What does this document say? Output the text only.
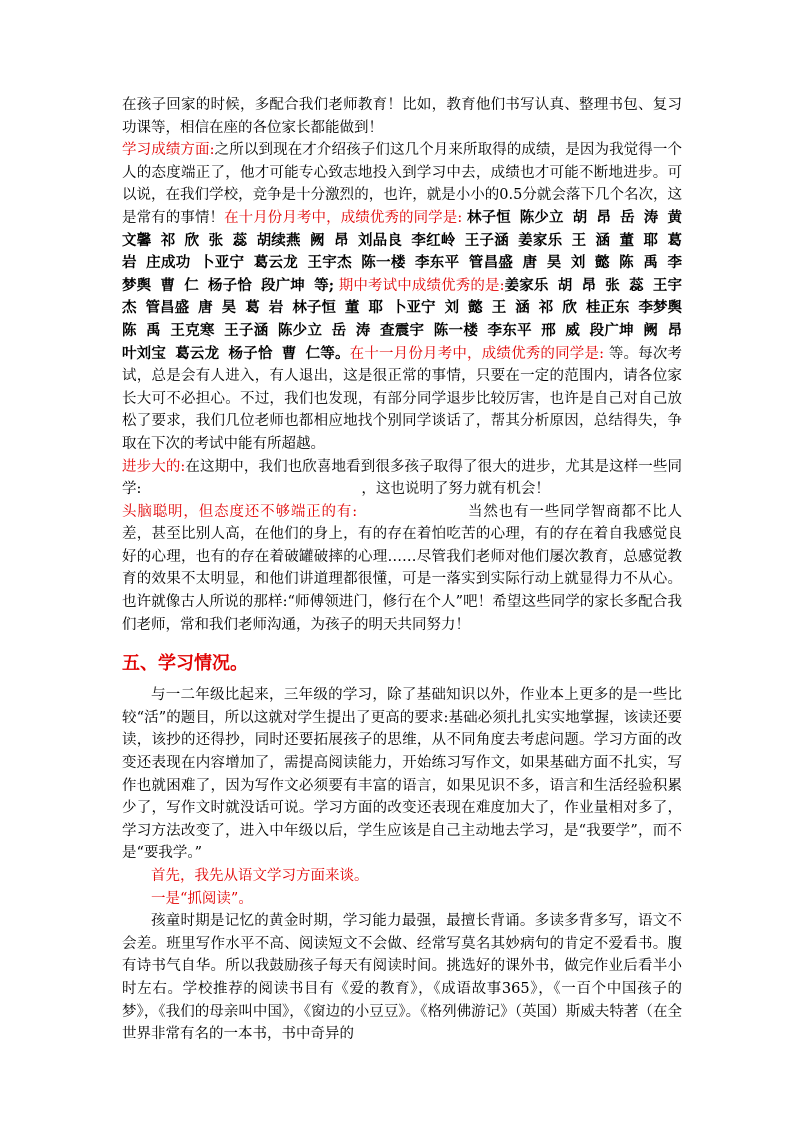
在孩子回家的时候，多配合我们老师教育！比如，教育他们书写认真、整理书包、复习功课等，相信在座的各位家长都能做到！
学习成绩方面:之所以到现在才介绍孩子们这几个月来所取得的成绩，是因为我觉得一个人的态度端正了，他才可能专心致志地投入到学习中去，成绩也才可能不断地进步。可以说，在我们学校，竞争是十分激烈的，也许，就是小小的0.5分就会落下几个名次，这是常有的事情！在十月份月考中，成绩优秀的同学是: 林子恒 陈少立 胡 昂 岳 涛 黄文馨 祁 欣 张 蕊 胡续燕 阙 昂 刘品良 李红岭 王子涵 姜家乐 王 涵 董 耶 葛 岩 庄成功 卜亚宁 葛云龙 王宇杰 陈一楼 李东平 管昌盛 唐 昊 刘 懿 陈 禹 李梦舆 曹 仁 杨子恰 段广坤 等; 期中考试中成绩优秀的是:姜家乐 胡 昂 张 蕊 王宇杰 管昌盛 唐 昊 葛 岩 林子恒 董 耶 卜亚宁 刘 懿 王 涵 祁 欣 桂正东 李梦舆 陈 禹 王克寒 王子涵 陈少立 岳 涛 查震宇 陈一楼 李东平 邢 威 段广坤 阙 昂 叶刘宝 葛云龙 杨子恰 曹 仁等。在十一月份月考中，成绩优秀的同学是: 等。每次考试，总是会有人进入，有人退出，这是很正常的事情，只要在一定的范围内，请各位家长大可不必担心。不过，我们也发现，有部分同学退步比较厉害，也许是自己对自己放松了要求，我们几位老师也都相应地找个别同学谈话了，帮其分析原因，总结得失，争取在下次的考试中能有所超越。
进步大的:在这期中，我们也欣喜地看到很多孩子取得了很大的进步，尤其是这样一些同学:	，这也说明了努力就有机会！
头脑聪明，但态度还不够端正的有:	当然也有一些同学智商都不比人差，甚至比别人高，在他们的身上，有的存在着怕吃苦的心理，有的存在着自我感觉良好的心理，也有的存在着破罐破摔的心理……尽管我们老师对他们屡次教育，总感觉教育的效果不太明显，和他们讲道理都很懂，可是一落实到实际行动上就显得力不从心。也许就像古人所说的那样:“师傅领进门，修行在个人”吧！希望这些同学的家长多配合我们老师，常和我们老师沟通，为孩子的明天共同努力！
五、学习情况。
与一二年级比起来，三年级的学习，除了基础知识以外，作业本上更多的是一些比较“活”的题目，所以这就对学生提出了更高的要求:基础必须扎扎实实地掌握，该读还要读，该抄的还得抄，同时还要拓展孩子的思维，从不同角度去考虑问题。学习方面的改变还表现在内容增加了，需提高阅读能力，开始练习写作文，如果基础方面不扎实，写作也就困难了，因为写作文必须要有丰富的语言，如果见识不多，语言和生活经验积累少了，写作文时就没话可说。学习方面的改变还表现在难度加大了，作业量相对多了，学习方法改变了，进入中年级以后，学生应该是自己主动地去学习，是“我要学”，而不是“要我学。”
首先，我先从语文学习方面来谈。
一是“抓阅读”。
孩童时期是记忆的黄金时期，学习能力最强，最擅长背诵。多读多背多写，语文不会差。班里写作水平不高、阅读短文不会做、经常写莫名其妙病句的肯定不爱看书。腹有诗书气自华。所以我鼓励孩子每天有阅读时间。挑选好的课外书，做完作业后看半小时左右。学校推荐的阅读书目有《爱的教育》，《成语故事365》，《一百个中国孩子的梦》，《我们的母亲叫中国》，《窗边的小豆豆》。《格列佛游记》（英国）斯威夫特著（在全世界非常有名的一本书，书中奇异的
